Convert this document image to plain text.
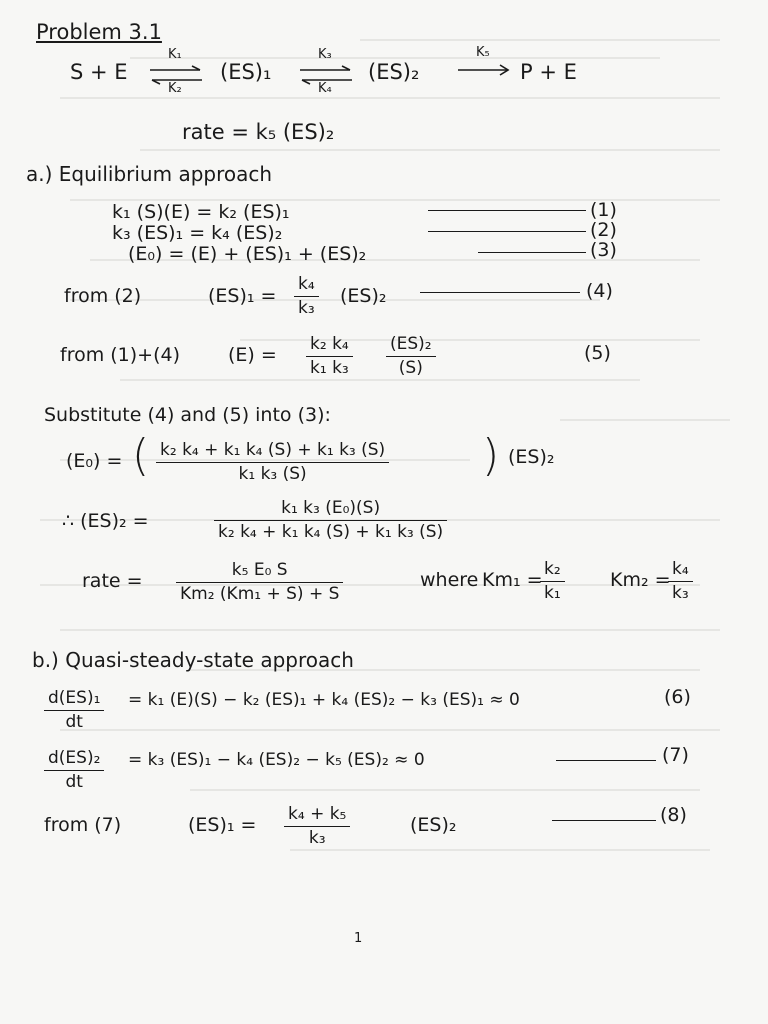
Problem 3.1
S + E
K₁
K₂
⇌ (ES)₁
K₃
K₄
⇌ (ES)₂
K₅
P + E
rate = k₅ (ES)₂
a.) Equilibrium approach
k₁ (S)(E) = k₂ (ES)₁
k₃ (ES)₁ = k₄ (ES)₂
(E₀) = (E) + (ES)₁ + (ES)₂
(1)
(2)
(3)
from (2)	$(ES)_1 = \frac{\text{k₄}}{\text{k₃}} (ES)_2$	(4)
from (1)+(4)	$(E) = \frac{\text{k₂ k₄}}{\text{k₁ k₃}} \frac{\text{(ES)₂}}{(S)}$	(5)
Substitute (4) and (5) into (3):
(E₀) = ( $\frac{\text{k₂ k₄ + k₁ k₄ (S) + k₁ k₃ (S)}}{\text{k₁ k₃ (S)}}$ ) (ES)₂
∴ (ES)₂ =	$\frac{\text{k₁ k₃ (E₀)(S)}}{\text{k₂ k₄ + k₁ k₄ (S) + k₁ k₃ (S)}}$
rate = $\frac{\text{k₅ E₀ S}}{\text{Km₂ (Km₁ + S) + S}}$	where Km₁ =
$\frac{\text{k₂}}{\text{k₁}} Km_2$ =
$\frac{\text{k₄}}{\text{k₃}}$
b.) Quasi-steady-state approach
$\frac{\text{d(ES)₁}}{dt} = k_1$ (E)(S) − k₂ (ES)₁ + k₄ (ES)₂ − k₃ (ES)₁ ≈ 0	(6)
$\frac{\text{d(ES)₂}}{dt} = k_3$ (ES)₁ − k₄ (ES)₂ − k₅ (ES)₂ ≈ 0	(7)
from (7)	$(ES)_1 = \frac{\text{k₄ + k₅}}{\text{k₃}}$	(ES)₂	(8)
1
